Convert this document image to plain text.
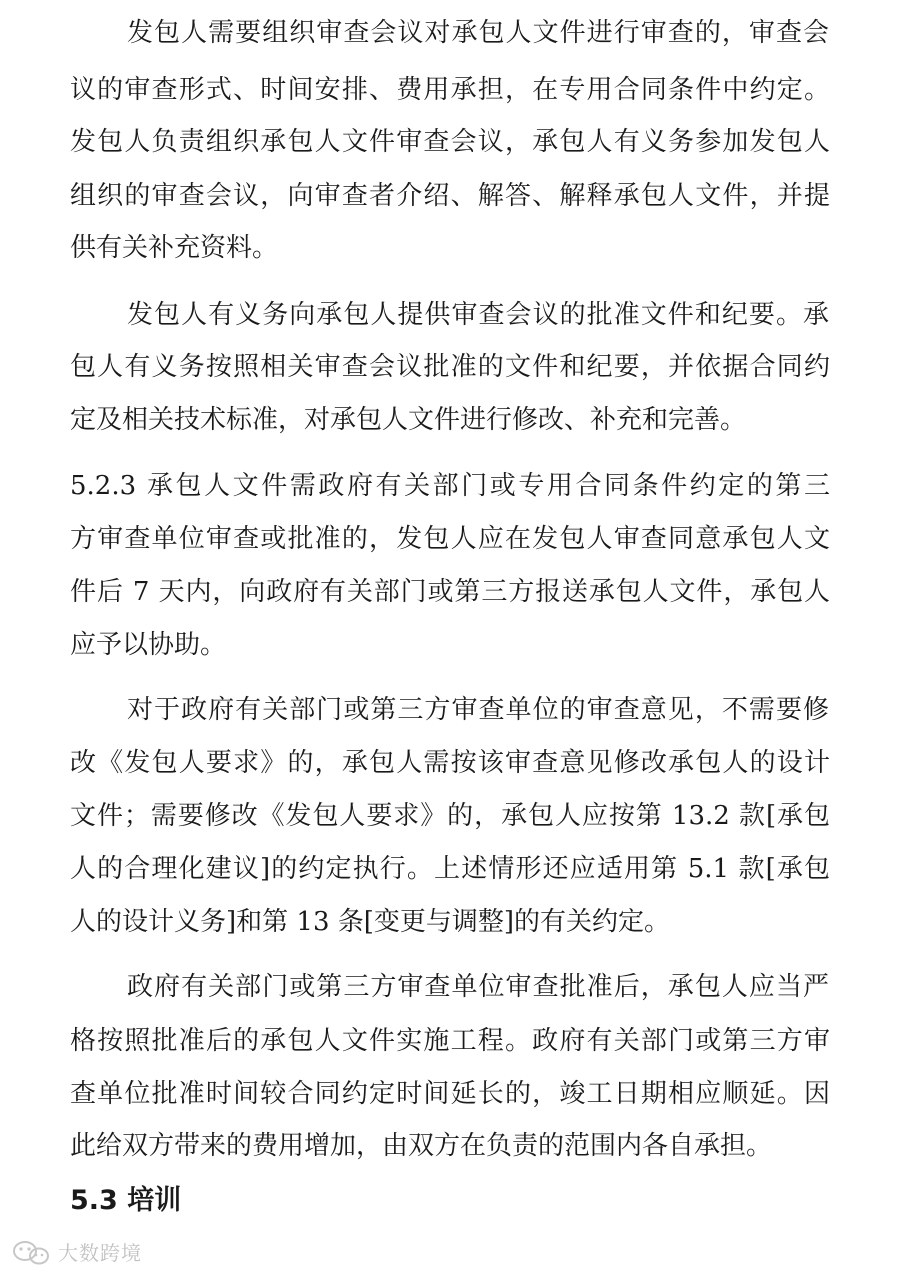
发包人需要组织审查会议对承包人文件进行审查的，审查会
议的审查形式、时间安排、费用承担，在专用合同条件中约定。
发包人负责组织承包人文件审查会议，承包人有义务参加发包人
组织的审查会议，向审查者介绍、解答、解释承包人文件，并提
供有关补充资料。
发包人有义务向承包人提供审查会议的批准文件和纪要。承
包人有义务按照相关审查会议批准的文件和纪要，并依据合同约
定及相关技术标准，对承包人文件进行修改、补充和完善。
5.2.3 承包人文件需政府有关部门或专用合同条件约定的第三
方审查单位审查或批准的，发包人应在发包人审查同意承包人文
件后 7 天内，向政府有关部门或第三方报送承包人文件，承包人
应予以协助。
对于政府有关部门或第三方审查单位的审查意见，不需要修
改《发包人要求》的，承包人需按该审查意见修改承包人的设计
文件；需要修改《发包人要求》的，承包人应按第 13.2 款[承包
人的合理化建议]的约定执行。上述情形还应适用第 5.1 款[承包
人的设计义务]和第 13 条[变更与调整]的有关约定。
政府有关部门或第三方审查单位审查批准后，承包人应当严
格按照批准后的承包人文件实施工程。政府有关部门或第三方审
查单位批准时间较合同约定时间延长的，竣工日期相应顺延。因
此给双方带来的费用增加，由双方在负责的范围内各自承担。
5.3 培训
大数跨境
